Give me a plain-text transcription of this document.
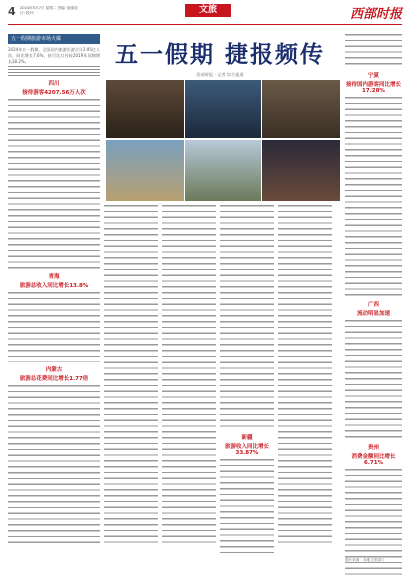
4 2024年5月7日 星期二 责编: 版面设计: 校对:	文旅	西部时报
五一假期旅游市场火爆
2024年五一假期，全国国内旅游出游合计2.95亿人次，同比增长7.6%，按可比口径较2019年同期增长28.2%。
四川
接待游客4207.56万人次
青海
旅游总收入同比增长13.8%
内蒙古
旅游总花费同比增长1.77倍
五一假期 捷报频传
西部时报 · 记者 综合报道
新疆
旅游收入同比增长33.87%
宁夏
接待国内游客同比增长17.28%
广西
流动明显加速
贵州
消费金额同比增长6.71%
图片来源：各地文旅部门
